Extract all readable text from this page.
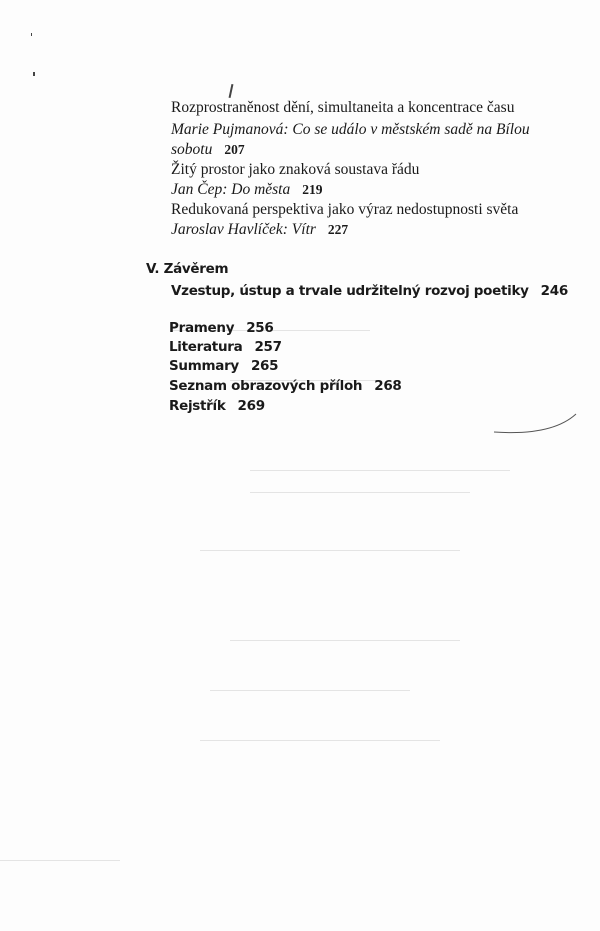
Rozprostraněnost dění, simultaneita a koncentrace času
Marie Pujmanová: Co se událo v městském sadě na Bílou
sobotu 207
Žitý prostor jako znaková soustava řádu
Jan Čep: Do města 219
Redukovaná perspektiva jako výraz nedostupnosti světa
Jaroslav Havlíček: Vítr 227
V. Závěrem
Vzestup, ústup a trvale udržitelný rozvoj poetiky 246
Prameny 256
Literatura 257
Summary 265
Seznam obrazových příloh 268
Rejstřík 269
